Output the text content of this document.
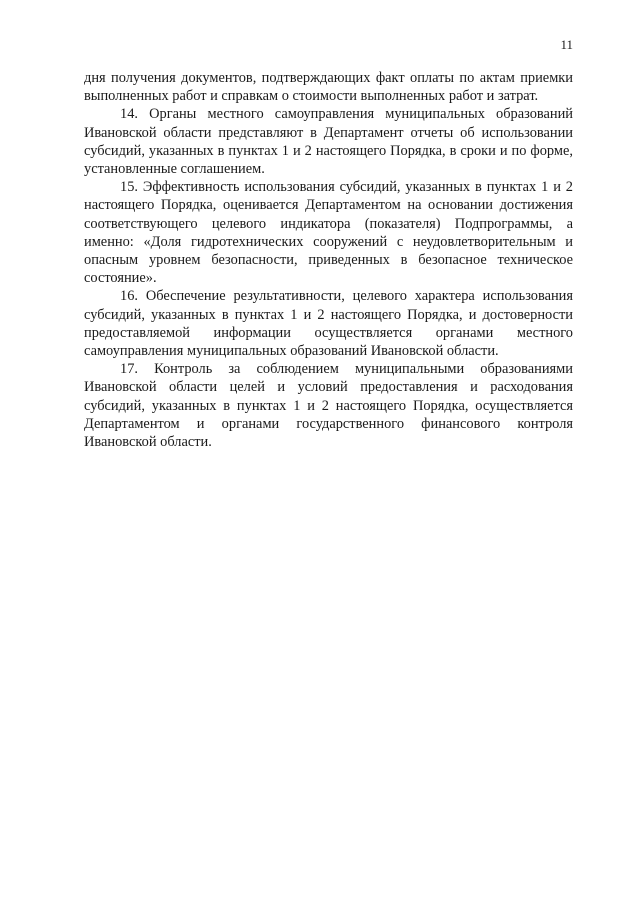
11

дня получения документов, подтверждающих факт оплаты по актам приемки выполненных работ и справкам о стоимости выполненных работ и затрат.

14. Органы местного самоуправления муниципальных образований Ивановской области представляют в Департамент отчеты об использовании субсидий, указанных в пунктах 1 и 2 настоящего Порядка, в сроки и по форме, установленные соглашением.

15. Эффективность использования субсидий, указанных в пунктах 1 и 2 настоящего Порядка, оценивается Департаментом на основании достижения соответствующего целевого индикатора (показателя) Подпрограммы, а именно: «Доля гидротехнических сооружений с неудовлетворительным и опасным уровнем безопасности, приведенных в безопасное техническое состояние».

16. Обеспечение результативности, целевого характера использования субсидий, указанных в пунктах 1 и 2 настоящего Порядка, и достоверности предоставляемой информации осуществляется органами местного самоуправления муниципальных образований Ивановской области.

17. Контроль за соблюдением муниципальными образованиями Ивановской области целей и условий предоставления и расходования субсидий, указанных в пунктах 1 и 2 настоящего Порядка, осуществляется Департаментом и органами государственного финансового контроля Ивановской области.
